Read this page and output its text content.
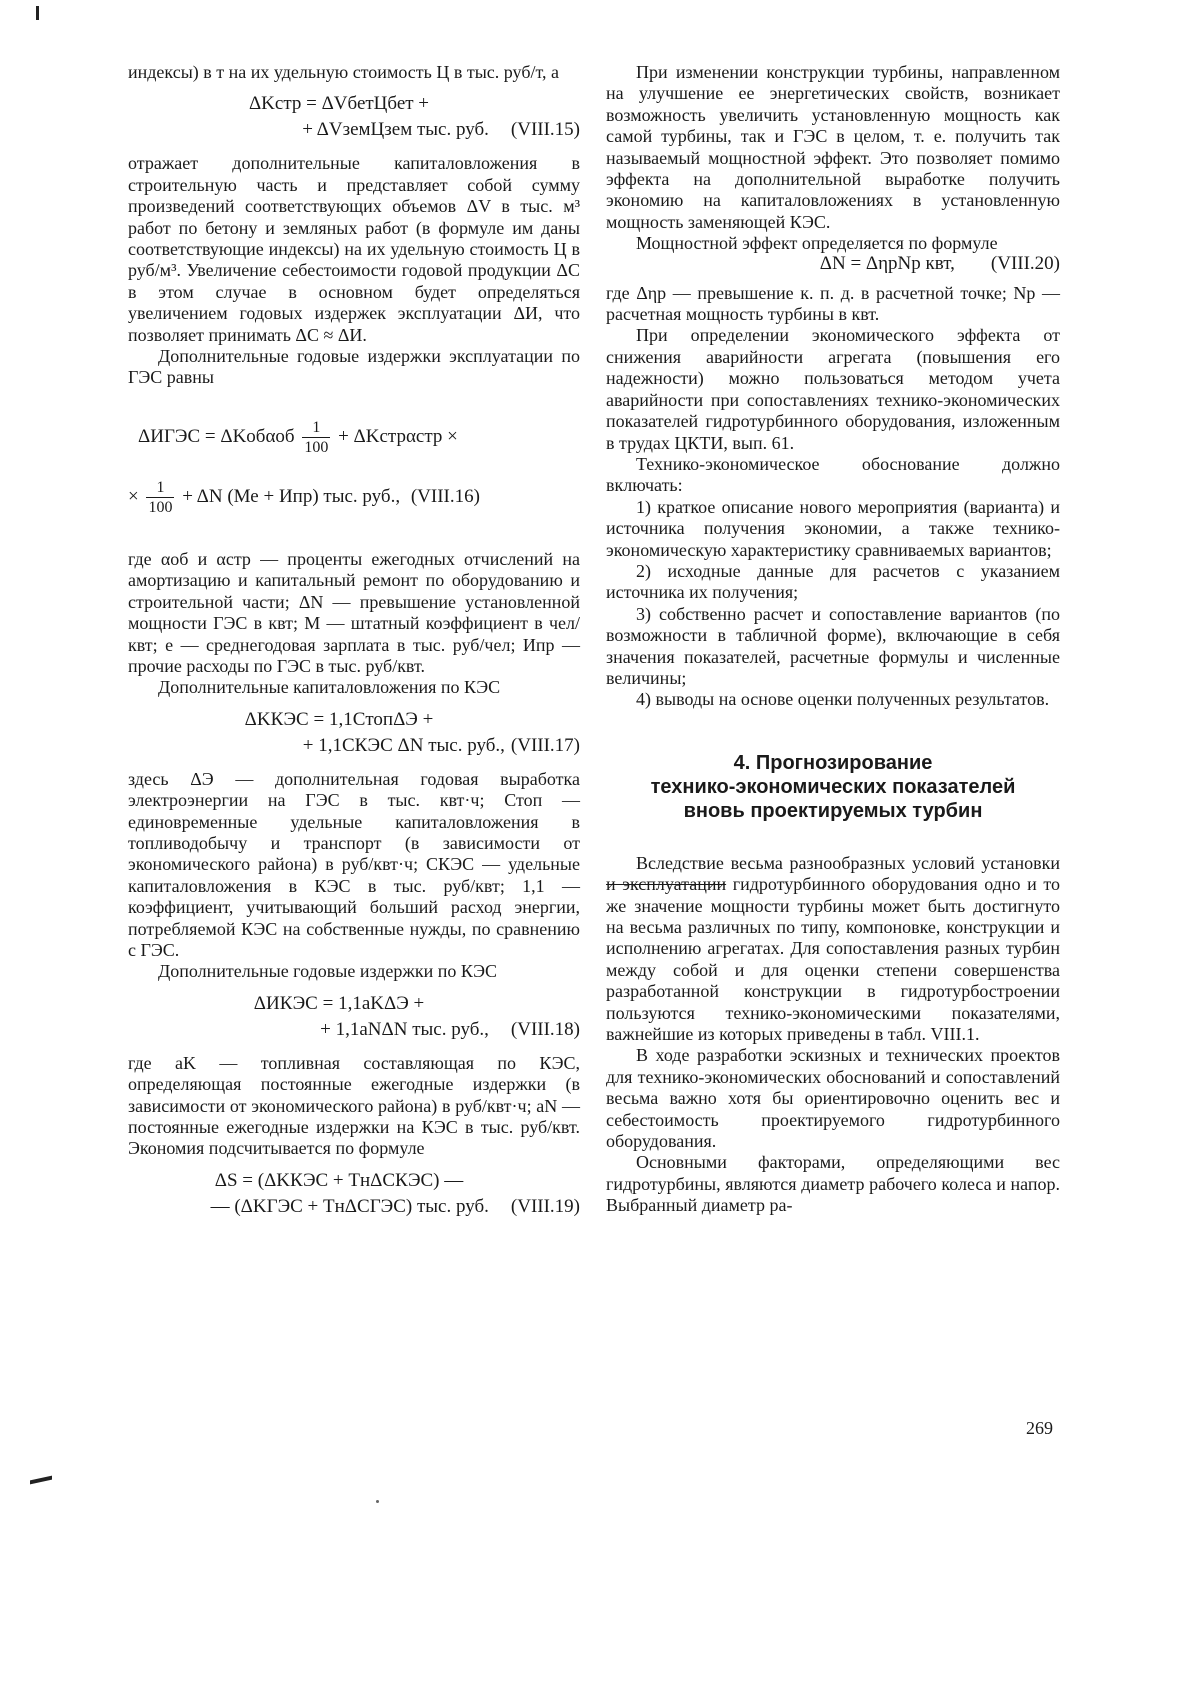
индексы) в т на их удельную стоимость Ц в тыс. руб/т, а

ΔKстр = ΔVбетЦбет +
+ ΔVземЦзем тыс. руб. (VIII.15)

отражает дополнительные капиталовложения в строительную часть и представляет собой сумму произведений соответствующих объемов ΔV в тыс. м³ работ по бетону и земляных работ (в формуле им даны соответствующие индексы) на их удельную стоимость Ц в руб/м³. Увеличение себестоимости годовой продукции ΔС в этом случае в основном будет определяться увеличением годовых издержек эксплуатации ΔИ, что позволяет принимать ΔС ≈ ΔИ.

Дополнительные годовые издержки эксплуатации по ГЭС равны

ΔИГЭС = ΔKобαоб $\frac{1}{100}$ + ΔKстрαстр ×
× $\frac{1}{100} + \Delta N$ (Ме + Ипр) тыс. руб., (VIII.16)

где αоб и αстр — проценты ежегодных отчислений на амортизацию и капитальный ремонт по оборудованию и строительной части; ΔN — превышение установленной мощности ГЭС в квт; М — штатный коэффициент в чел/квт; е — среднегодовая зарплата в тыс. руб/чел; Ипр — прочие расходы по ГЭС в тыс. руб/квт.

Дополнительные капиталовложения по КЭС

ΔKКЭС = 1,1CтопΔЭ +
+ 1,1CКЭС ΔN тыс. руб., (VIII.17)

здесь ΔЭ — дополнительная годовая выработка электроэнергии на ГЭС в тыс. квт·ч; Стоп — единовременные удельные капиталовложения в топливодобычу и транспорт (в зависимости от экономического района) в руб/квт·ч; СКЭС — удельные капиталовложения в КЭС в тыс. руб/квт; 1,1 — коэффициент, учитывающий больший расход энергии, потребляемой КЭС на собственные нужды, по сравнению с ГЭС.

Дополнительные годовые издержки по КЭС

ΔИКЭС = 1,1aKΔЭ +
+ 1,1aNΔN тыс. руб., (VIII.18)

где aK — топливная составляющая по КЭС, определяющая постоянные ежегодные издержки (в зависимости от экономического района) в руб/квт·ч; aN — постоянные ежегодные издержки на КЭС в тыс. руб/квт. Экономия подсчитывается по формуле

ΔS = (ΔKКЭС + TнΔCКЭС) —
— (ΔKГЭС + TнΔCГЭС) тыс. руб. (VIII.19)

При изменении конструкции турбины, направленном на улучшение ее энергетических свойств, возникает возможность увеличить установленную мощность как самой турбины, так и ГЭС в целом, т. е. получить так называемый мощностной эффект. Это позволяет помимо эффекта на дополнительной выработке получить экономию на капиталовложениях в установленную мощность заменяющей КЭС.

Мощностной эффект определяется по формуле

ΔN = ΔηрNр квт, (VIII.20)

где Δηр — превышение к. п. д. в расчетной точке; Nр — расчетная мощность турбины в квт.

При определении экономического эффекта от снижения аварийности агрегата (повышения его надежности) можно пользоваться методом учета аварийности при сопоставлениях технико-экономических показателей гидротурбинного оборудования, изложенным в трудах ЦКТИ, вып. 61.

Технико-экономическое обоснование должно включать:

1) краткое описание нового мероприятия (варианта) и источника получения экономии, а также технико-экономическую характеристику сравниваемых вариантов;

2) исходные данные для расчетов с указанием источника их получения;

3) собственно расчет и сопоставление вариантов (по возможности в табличной форме), включающие в себя значения показателей, расчетные формулы и численные величины;

4) выводы на основе оценки полученных результатов.

4. Прогнозирование
технико-экономических показателей
вновь проектируемых турбин

Вследствие весьма разнообразных условий установки и эксплуатации гидротурбинного оборудования одно и то же значение мощности турбины может быть достигнуто на весьма различных по типу, компоновке, конструкции и исполнению агрегатах. Для сопоставления разных турбин между собой и для оценки степени совершенства разработанной конструкции в гидротурбостроении пользуются технико-экономическими показателями, важнейшие из которых приведены в табл. VIII.1.

В ходе разработки эскизных и технических проектов для технико-экономических обоснований и сопоставлений весьма важно хотя бы ориентировочно оценить вес и себестоимость проектируемого гидротурбинного оборудования.

Основными факторами, определяющими вес гидротурбины, являются диаметр рабочего колеса и напор. Выбранный диаметр ра-

269
